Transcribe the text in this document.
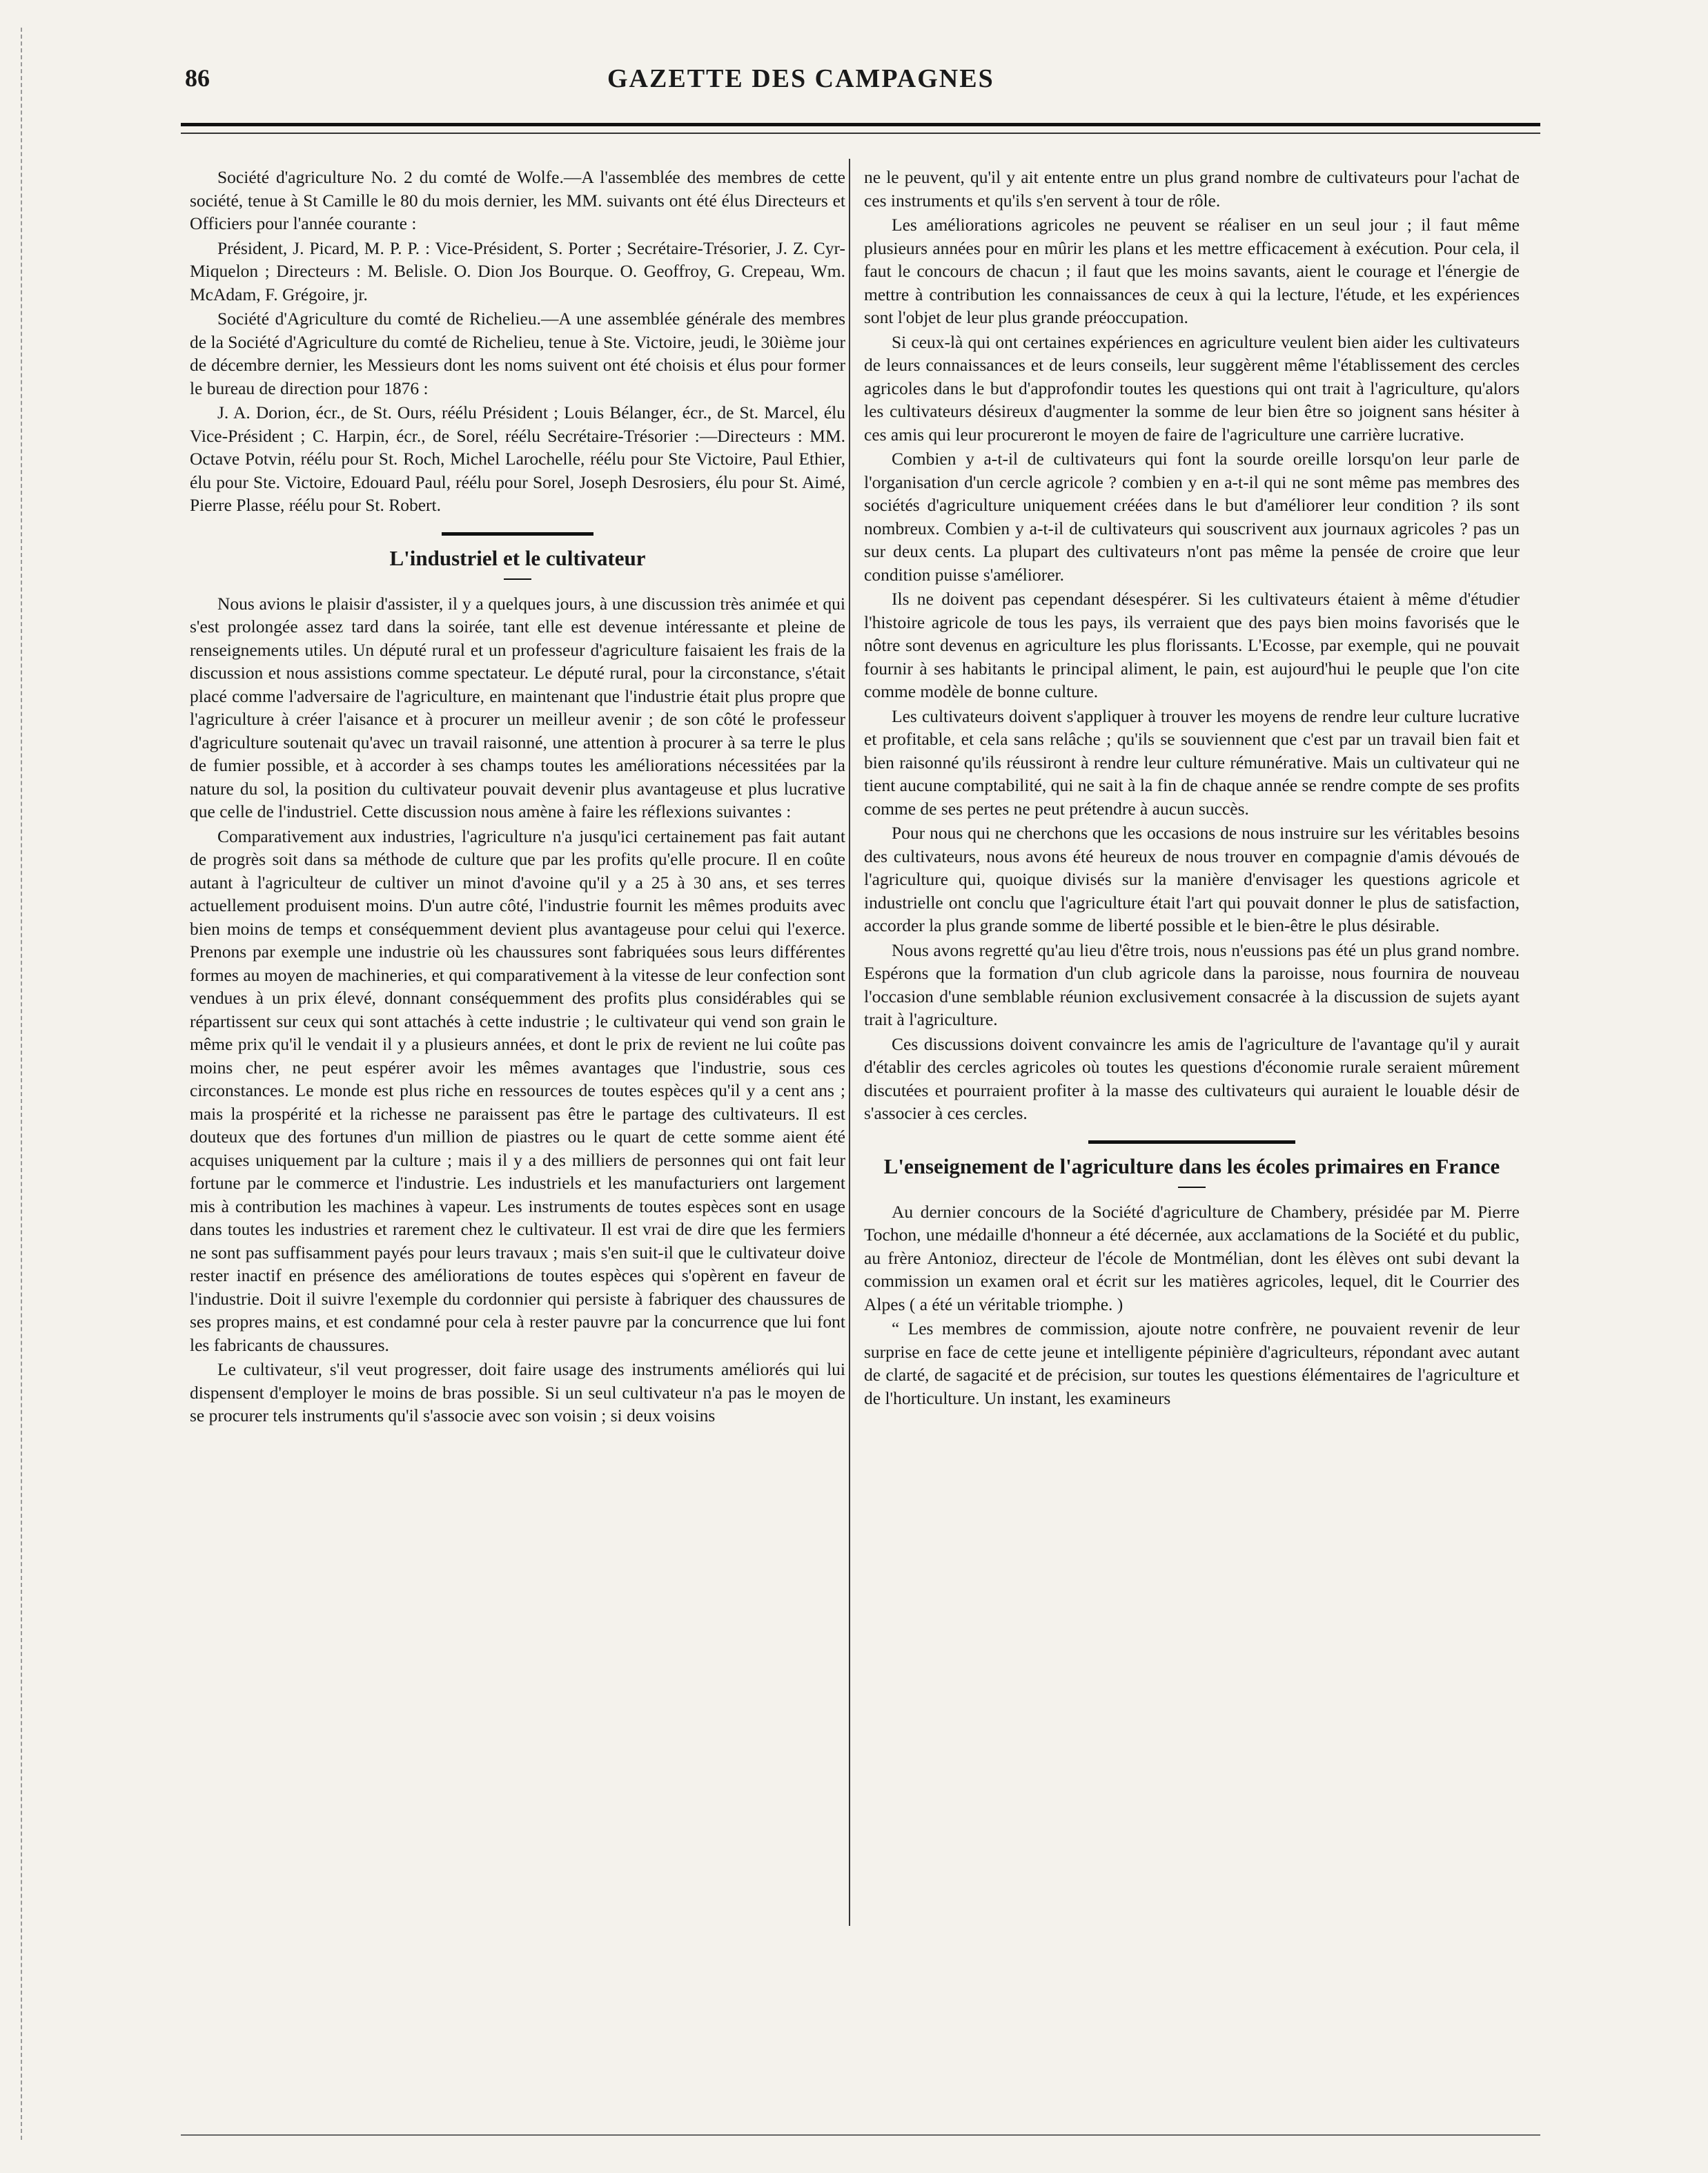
86	GAZETTE DES CAMPAGNES

Société d'agriculture No. 2 du comté de Wolfe.—A l'assemblée des membres de cette société, tenue à St Camille le 80 du mois dernier, les MM. suivants ont été élus Directeurs et Officiers pour l'année courante :

Président, J. Picard, M. P. P. : Vice-Président, S. Porter ; Secrétaire-Trésorier, J. Z. Cyr-Miquelon ; Directeurs : M. Belisle. O. Dion Jos Bourque. O. Geoffroy, G. Crepeau, Wm. McAdam, F. Grégoire, jr.

Société d'Agriculture du comté de Richelieu.—A une assemblée générale des membres de la Société d'Agriculture du comté de Richelieu, tenue à Ste. Victoire, jeudi, le 30ième jour de décembre dernier, les Messieurs dont les noms suivent ont été choisis et élus pour former le bureau de direction pour 1876 :

J. A. Dorion, écr., de St. Ours, réélu Président ; Louis Bélanger, écr., de St. Marcel, élu Vice-Président ; C. Harpin, écr., de Sorel, réélu Secrétaire-Trésorier :—Directeurs : MM. Octave Potvin, réélu pour St. Roch, Michel Larochelle, réélu pour Ste Victoire, Paul Ethier, élu pour Ste. Victoire, Edouard Paul, réélu pour Sorel, Joseph Desrosiers, élu pour St. Aimé, Pierre Plasse, réélu pour St. Robert.

L'industriel et le cultivateur

Nous avions le plaisir d'assister, il y a quelques jours, à une discussion très animée et qui s'est prolongée assez tard dans la soirée, tant elle est devenue intéressante et pleine de renseignements utiles. Un député rural et un professeur d'agriculture faisaient les frais de la discussion et nous assistions comme spectateur. Le député rural, pour la circonstance, s'était placé comme l'adversaire de l'agriculture, en maintenant que l'industrie était plus propre que l'agriculture à créer l'aisance et à procurer un meilleur avenir ; de son côté le professeur d'agriculture soutenait qu'avec un travail raisonné, une attention à procurer à sa terre le plus de fumier possible, et à accorder à ses champs toutes les améliorations nécessitées par la nature du sol, la position du cultivateur pouvait devenir plus avantageuse et plus lucrative que celle de l'industriel. Cette discussion nous amène à faire les réflexions suivantes :

Comparativement aux industries, l'agriculture n'a jusqu'ici certainement pas fait autant de progrès soit dans sa méthode de culture que par les profits qu'elle procure. Il en coûte autant à l'agriculteur de cultiver un minot d'avoine qu'il y a 25 à 30 ans, et ses terres actuellement produisent moins. D'un autre côté, l'industrie fournit les mêmes produits avec bien moins de temps et conséquemment devient plus avantageuse pour celui qui l'exerce. Prenons par exemple une industrie où les chaussures sont fabriquées sous leurs différentes formes au moyen de machineries, et qui comparativement à la vitesse de leur confection sont vendues à un prix élevé, donnant conséquemment des profits plus considérables qui se répartissent sur ceux qui sont attachés à cette industrie ; le cultivateur qui vend son grain le même prix qu'il le vendait il y a plusieurs années, et dont le prix de revient ne lui coûte pas moins cher, ne peut espérer avoir les mêmes avantages que l'industrie, sous ces circonstances. Le monde est plus riche en ressources de toutes espèces qu'il y a cent ans ; mais la prospérité et la richesse ne paraissent pas être le partage des cultivateurs. Il est douteux que des fortunes d'un million de piastres ou le quart de cette somme aient été acquises uniquement par la culture ; mais il y a des milliers de personnes qui ont fait leur fortune par le commerce et l'industrie. Les industriels et les manufacturiers ont largement mis à contribution les machines à vapeur. Les instruments de toutes espèces sont en usage dans toutes les industries et rarement chez le cultivateur. Il est vrai de dire que les fermiers ne sont pas suffisamment payés pour leurs travaux ; mais s'en suit-il que le cultivateur doive rester inactif en présence des améliorations de toutes espèces qui s'opèrent en faveur de l'industrie. Doit il suivre l'exemple du cordonnier qui persiste à fabriquer des chaussures de ses propres mains, et est condamné pour cela à rester pauvre par la concurrence que lui font les fabricants de chaussures.

Le cultivateur, s'il veut progresser, doit faire usage des instruments améliorés qui lui dispensent d'employer le moins de bras possible. Si un seul cultivateur n'a pas le moyen de se procurer tels instruments qu'il s'associe avec son voisin ; si deux voisins

ne le peuvent, qu'il y ait entente entre un plus grand nombre de cultivateurs pour l'achat de ces instruments et qu'ils s'en servent à tour de rôle.

Les améliorations agricoles ne peuvent se réaliser en un seul jour ; il faut même plusieurs années pour en mûrir les plans et les mettre efficacement à exécution. Pour cela, il faut le concours de chacun ; il faut que les moins savants, aient le courage et l'énergie de mettre à contribution les connaissances de ceux à qui la lecture, l'étude, et les expériences sont l'objet de leur plus grande préoccupation.

Si ceux-là qui ont certaines expériences en agriculture veulent bien aider les cultivateurs de leurs connaissances et de leurs conseils, leur suggèrent même l'établissement des cercles agricoles dans le but d'approfondir toutes les questions qui ont trait à l'agriculture, qu'alors les cultivateurs désireux d'augmenter la somme de leur bien être so joignent sans hésiter à ces amis qui leur procureront le moyen de faire de l'agriculture une carrière lucrative.

Combien y a-t-il de cultivateurs qui font la sourde oreille lorsqu'on leur parle de l'organisation d'un cercle agricole ? combien y en a-t-il qui ne sont même pas membres des sociétés d'agriculture uniquement créées dans le but d'améliorer leur condition ? ils sont nombreux. Combien y a-t-il de cultivateurs qui souscrivent aux journaux agricoles ? pas un sur deux cents. La plupart des cultivateurs n'ont pas même la pensée de croire que leur condition puisse s'améliorer.

Ils ne doivent pas cependant désespérer. Si les cultivateurs étaient à même d'étudier l'histoire agricole de tous les pays, ils verraient que des pays bien moins favorisés que le nôtre sont devenus en agriculture les plus florissants. L'Ecosse, par exemple, qui ne pouvait fournir à ses habitants le principal aliment, le pain, est aujourd'hui le peuple que l'on cite comme modèle de bonne culture.

Les cultivateurs doivent s'appliquer à trouver les moyens de rendre leur culture lucrative et profitable, et cela sans relâche ; qu'ils se souviennent que c'est par un travail bien fait et bien raisonné qu'ils réussiront à rendre leur culture rémunérative. Mais un cultivateur qui ne tient aucune comptabilité, qui ne sait à la fin de chaque année se rendre compte de ses profits comme de ses pertes ne peut prétendre à aucun succès.

Pour nous qui ne cherchons que les occasions de nous instruire sur les véritables besoins des cultivateurs, nous avons été heureux de nous trouver en compagnie d'amis dévoués de l'agriculture qui, quoique divisés sur la manière d'envisager les questions agricole et industrielle ont conclu que l'agriculture était l'art qui pouvait donner le plus de satisfaction, accorder la plus grande somme de liberté possible et le bien-être le plus désirable.

Nous avons regretté qu'au lieu d'être trois, nous n'eussions pas été un plus grand nombre. Espérons que la formation d'un club agricole dans la paroisse, nous fournira de nouveau l'occasion d'une semblable réunion exclusivement consacrée à la discussion de sujets ayant trait à l'agriculture.

Ces discussions doivent convaincre les amis de l'agriculture de l'avantage qu'il y aurait d'établir des cercles agricoles où toutes les questions d'économie rurale seraient mûrement discutées et pourraient profiter à la masse des cultivateurs qui auraient le louable désir de s'associer à ces cercles.

L'enseignement de l'agriculture dans les écoles primaires en France

Au dernier concours de la Société d'agriculture de Chambery, présidée par M. Pierre Tochon, une médaille d'honneur a été décernée, aux acclamations de la Société et du public, au frère Antonioz, directeur de l'école de Montmélian, dont les élèves ont subi devant la commission un examen oral et écrit sur les matières agricoles, lequel, dit le Courrier des Alpes ( a été un véritable triomphe. )

“ Les membres de commission, ajoute notre confrère, ne pouvaient revenir de leur surprise en face de cette jeune et intelligente pépinière d'agriculteurs, répondant avec autant de clarté, de sagacité et de précision, sur toutes les questions élémentaires de l'agriculture et de l'horticulture. Un instant, les examineurs
